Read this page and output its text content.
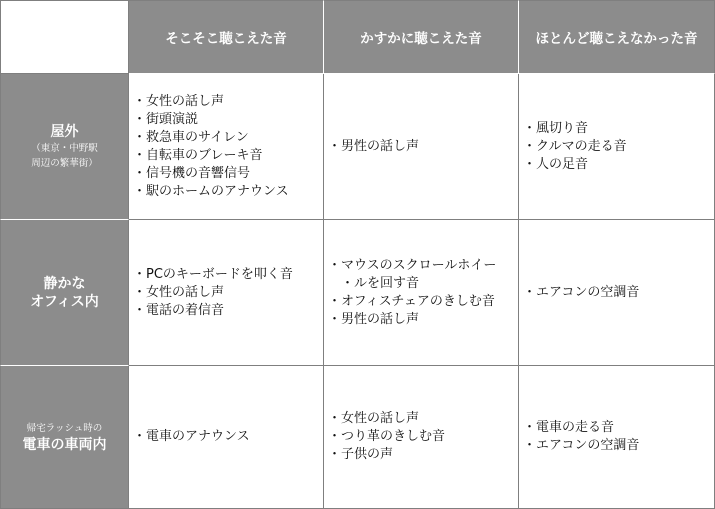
そこそこ聴こえた音	かすかに聴こえた音	ほとんど聴こえなかった音
屋外
（東京・中野駅
周辺の繁華街）
・ 女性の話し声
・ 街頭演説
・ 救急車のサイレン
・ 自転車のブレーキ音
・ 信号機の音響信号
・ 駅のホームのアナウンス
・ 男性の話し声
・ 風切り音
・ クルマの走る音
・ 人の足音
静かな
オフィス内
・ PCのキーボードを叩く音
・ 女性の話し声
・ 電話の着信音
・ マウスのスクロールホイー
・ ルを回す音
・ オフィスチェアのきしむ音
・ 男性の話し声
・ エアコンの空調音
帰宅ラッシュ時の
電車の車両内
・	電車のアナウンス
・ 女性の話し声
・ つり革のきしむ音
・ 子供の声
・ 電車の走る音
・ エアコンの空調音
